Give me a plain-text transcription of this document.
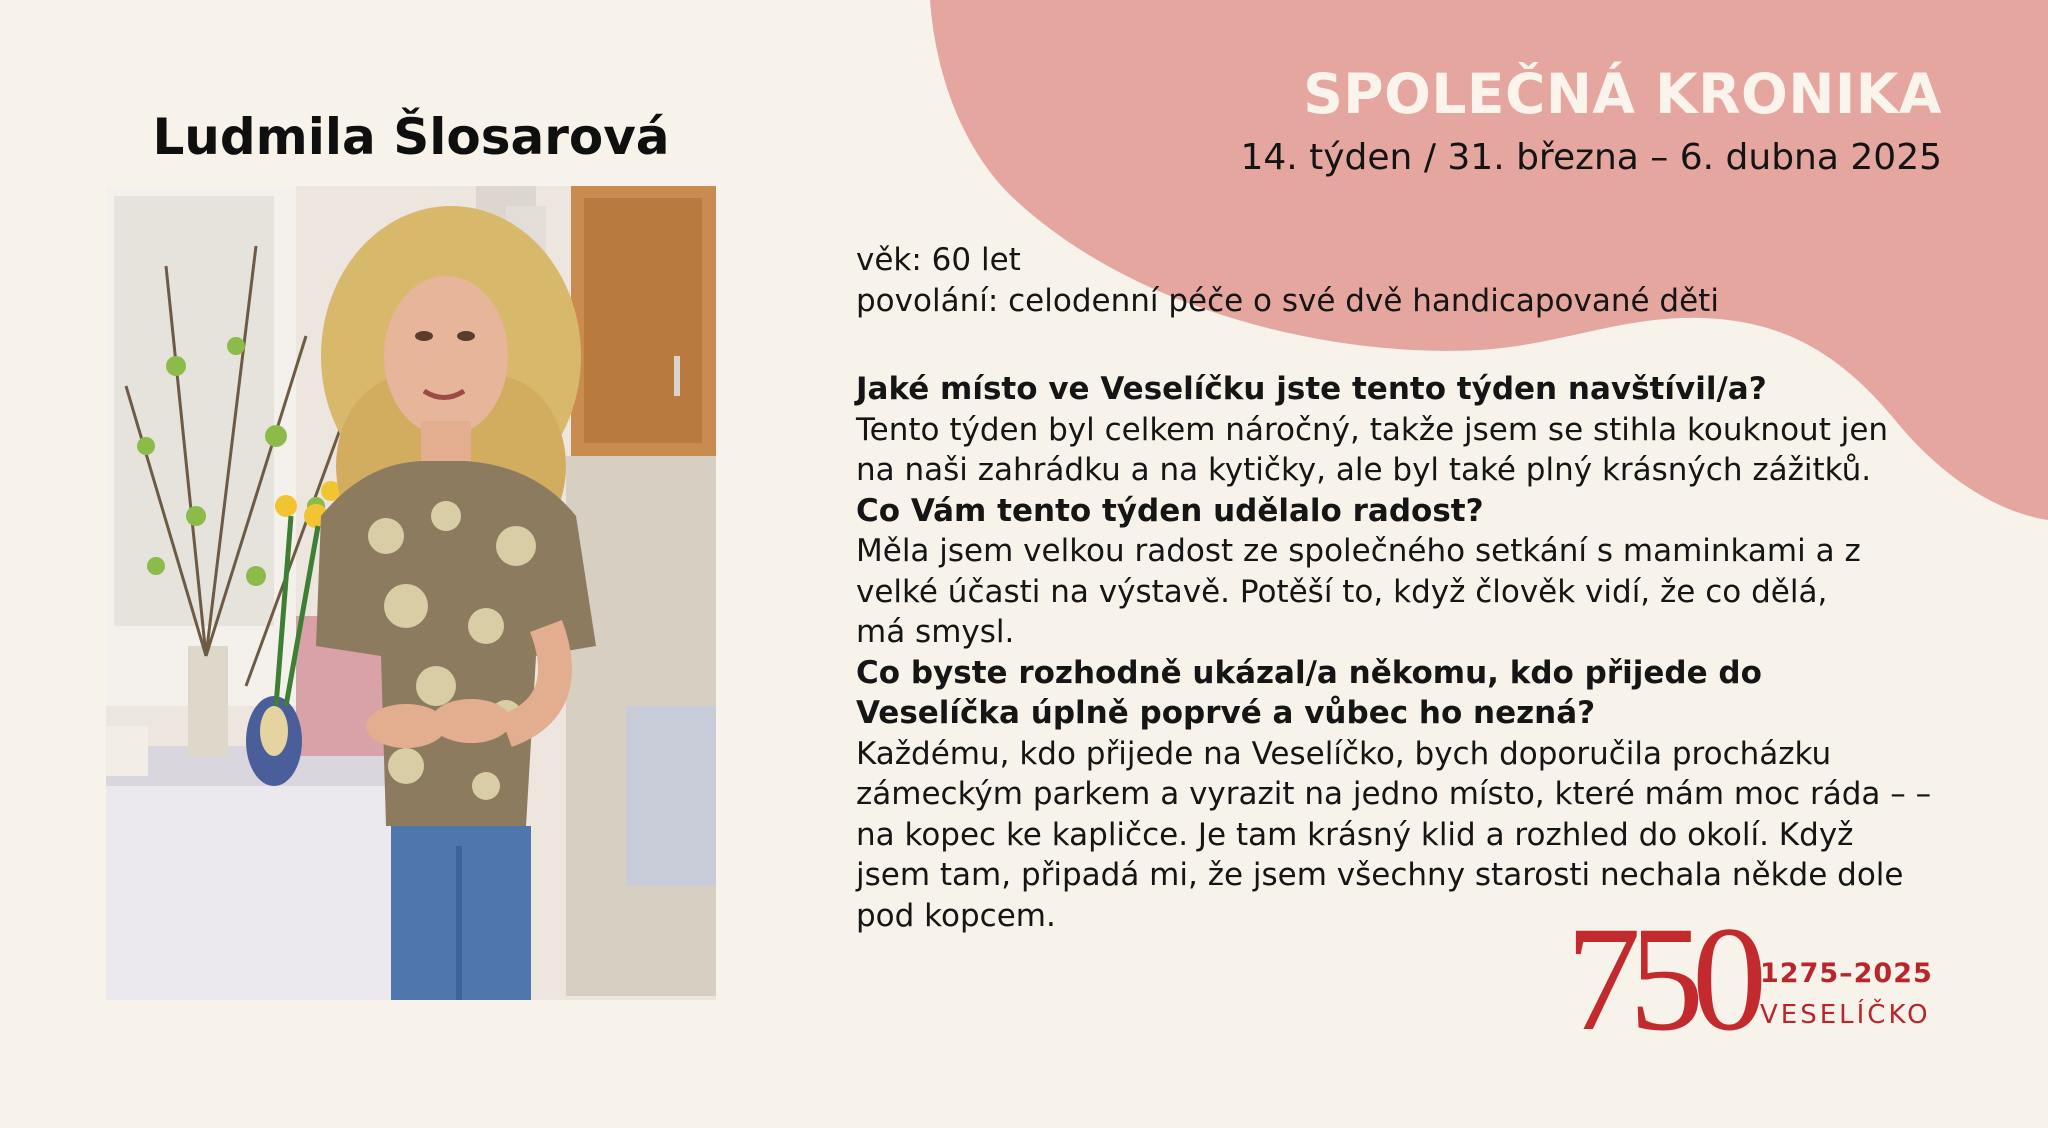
SPOLEČNÁ KRONIKA
14. týden / 31. března – 6. dubna 2025
Ludmila Šlosarová
věk: 60 let
povolání: celodenní péče o své dvě handicapované děti

Jaké místo ve Veselíčku jste tento týden navštívil/a?

Tento týden byl celkem náročný, takže jsem se stihla kouknout jen na naši zahrádku a na kytičky, ale byl také plný krásných zážitků.

Co Vám tento týden udělalo radost?

Měla jsem velkou radost ze společného setkání s maminkami a z velké účasti na výstavě. Potěší to, když člověk vidí, že co dělá, má smysl.

Co byste rozhodně ukázal/a někomu, kdo přijede do Veselíčka úplně poprvé a vůbec ho nezná?

Každému, kdo přijede na Veselíčko, bych doporučila procházku zámeckým parkem a vyrazit na jedno místo, které mám moc ráda – – na kopec ke kapličce. Je tam krásný klid a rozhled do okolí. Když jsem tam, připadá mi, že jsem všechny starosti nechala někde dole pod kopcem.	750 1275–2025
VESELÍČKO
